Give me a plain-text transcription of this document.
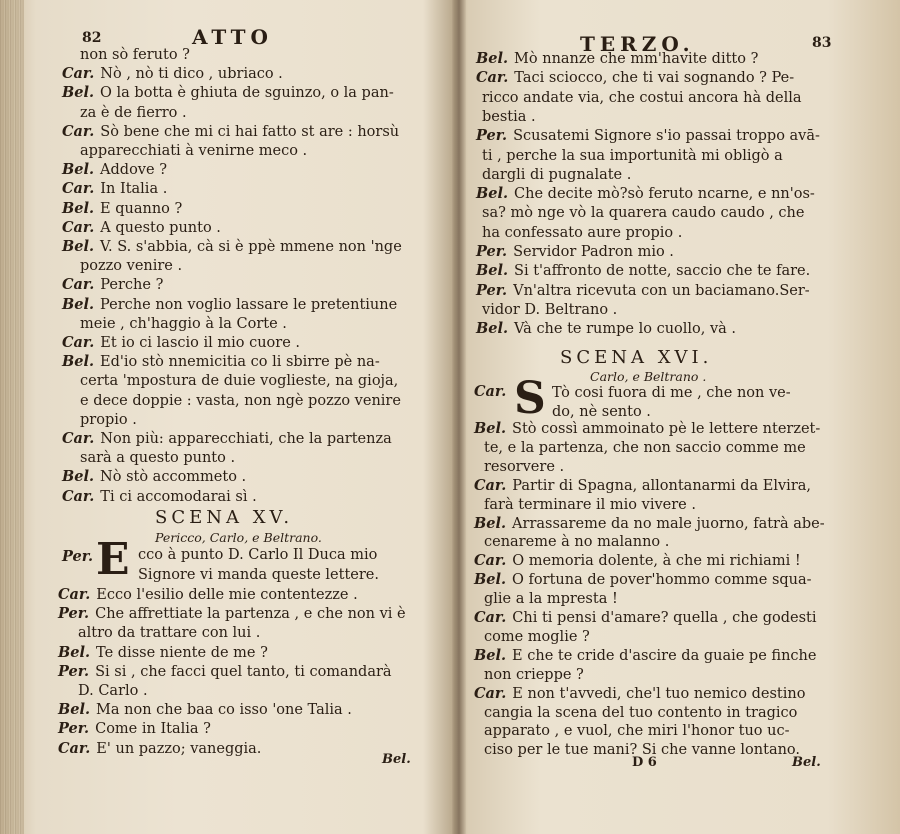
82	ATTO
non sò feruto ?
Car. Nò , nò ti dico , ubriaco .
Bel. O la botta è ghiuta de sguinzo, o la pan-
za è de fierro .
Car. Sò bene che mi ci hai fatto st are : horsù
apparecchiati à venirne meco .
Bel. Addove ?
Car. In Italia .
Bel. E quanno ?
Car. A questo punto .
Bel. V. S. s'abbia, cà si è ppè mmene non 'nge
pozzo venire .
Car. Perche ?
Bel. Perche non voglio lassare le pretentiune
meie , ch'haggio à la Corte .
Car. Et io ci lascio il mio cuore .
Bel. Ed'io stò nnemicitia co li sbirre pè na-
certa 'mpostura de duie voglieste, na gioja,
e dece doppie : vasta, non ngè pozzo venire
propio .
Car. Non più: apparecchiati, che la partenza
sarà a questo punto .
Bel. Nò stò accommeto .
Car. Ti ci accomodarai sì .
SCENA XV.
Pericco, Carlo, e Beltrano.
Per. E cco à punto D. Carlo Il Duca mio
Signore vi manda queste lettere.
Car. Ecco l'esilio delle mie contentezze .
Per. Che affrettiate la partenza , e che non vi è
altro da trattare con lui .
Bel. Te disse niente de me ?
Per. Si si , che facci quel tanto, ti comandarà
D. Carlo .
Bel. Ma non che baa co isso 'one Talia .
Per. Come in Italia ?
Car. E' un pazzo; vaneggia.
Bel.
TERZO.	83
Bel. Mò nnanze che mm'havite ditto ?
Car. Taci sciocco, che ti vai sognando ? Pe-
ricco andate via, che costui ancora hà della
bestia .
Per. Scusatemi Signore s'io passai troppo avā-
ti , perche la sua importunità mi obligò a
dargli di pugnalate .
Bel. Che decite mò?sò feruto ncarne, e nn'os-
sa? mò nge vò la quarera caudo caudo , che
ha confessato aure propio .
Per. Servidor Padron mio .
Bel. Si t'affronto de notte, saccio che te fare.
Per. Vn'altra ricevuta con un baciamano.Ser-
vidor D. Beltrano .
Bel. Và che te rumpe lo cuollo, và .
SCENA XVI.
Carlo, e Beltrano .
Car. S Tò cosi fuora di me , che non ve-
do, nè sento .
Bel. Stò cossì ammoinato pè le lettere nterzet-
te, e la partenza, che non saccio comme me
resorvere .
Car. Partir di Spagna, allontanarmi da Elvira,
farà terminare il mio vivere .
Bel. Arrassareme da no male juorno, fatrà abe-
cenareme à no malanno .
Car. O memoria dolente, à che mi richiami !
Bel. O fortuna de pover'hommo comme squa-
glie a la mpresta !
Car. Chi ti pensi d'amare? quella , che godesti
come moglie ?
Bel. E che te cride d'ascire da guaie pe finche
non crieppe ?
Car. E non t'avvedi, che'l tuo nemico destino
cangia la scena del tuo contento in tragico
apparato , e vuol, che miri l'honor tuo uc-
ciso per le tue mani? Si che vanne lontano.
D 6	Bel.
